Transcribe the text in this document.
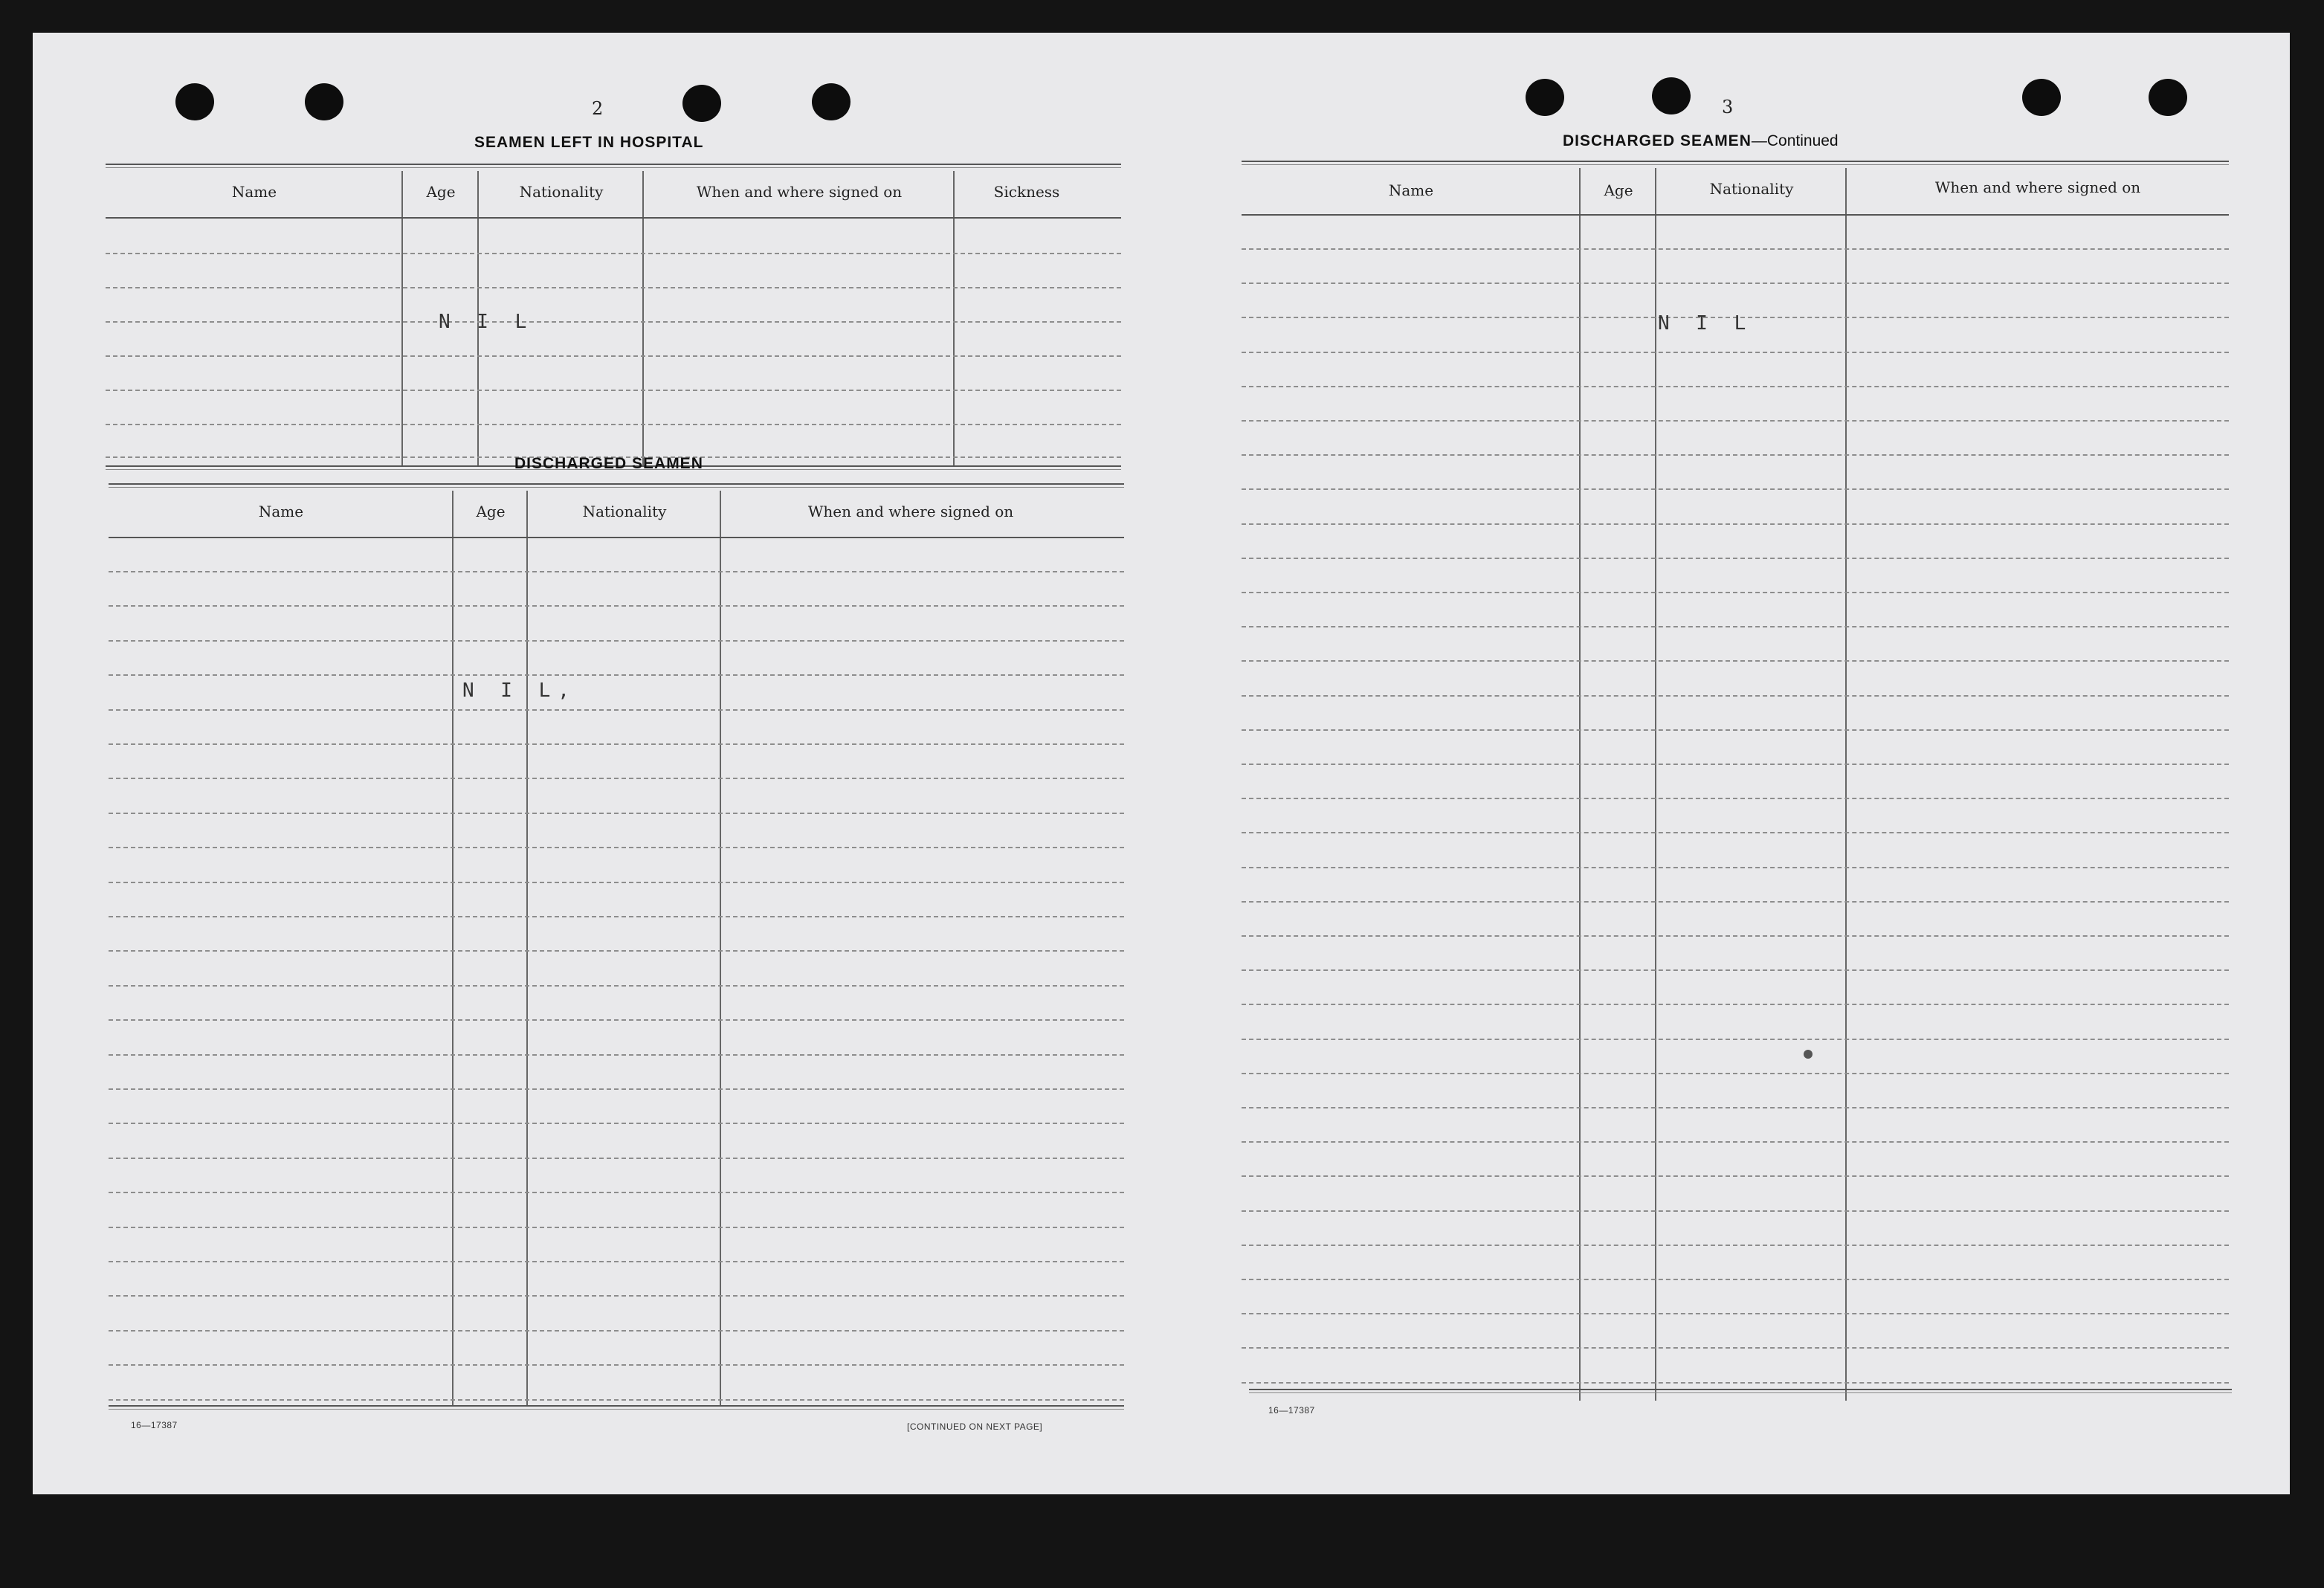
2
SEAMEN LEFT IN HOSPITAL
Name	Age	Nationality	When and where signed on	Sickness
N I L
DISCHARGED SEAMEN
Name	Age	Nationality	When and where signed on
N I L,
16—17387	[CONTINUED ON NEXT PAGE]
3
DISCHARGED SEAMEN—Continued
Name	Age	Nationality	When and where signed on
N I L
16—17387
